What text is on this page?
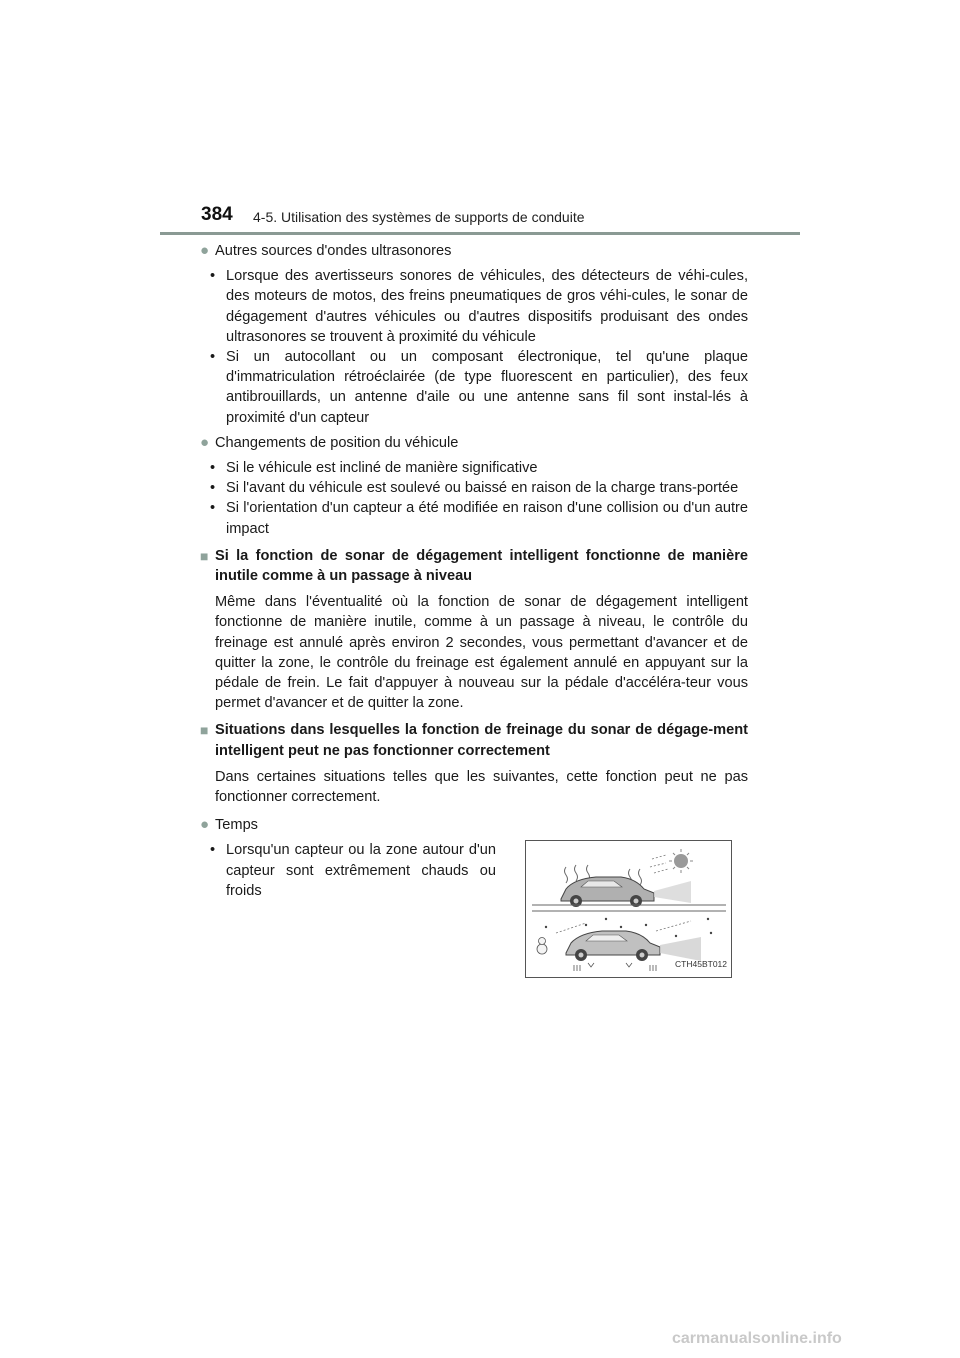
384 4-5. Utilisation des systèmes de supports de conduite
● Autres sources d'ondes ultrasonores
• Lorsque des avertisseurs sonores de véhicules, des détecteurs de véhi-cules, des moteurs de motos, des freins pneumatiques de gros véhi-cules, le sonar de dégagement d'autres véhicules ou d'autres dispositifs produisant des ondes ultrasonores se trouvent à proximité du véhicule
• Si un autocollant ou un composant électronique, tel qu'une plaque d'immatriculation rétroéclairée (de type fluorescent en particulier), des feux antibrouillards, un antenne d'aile ou une antenne sans fil sont instal-lés à proximité d'un capteur
● Changements de position du véhicule
• Si le véhicule est incliné de manière significative
• Si l'avant du véhicule est soulevé ou baissé en raison de la charge trans-portée
• Si l'orientation d'un capteur a été modifiée en raison d'une collision ou d'un autre impact
■ Si la fonction de sonar de dégagement intelligent fonctionne de manière inutile comme à un passage à niveau
Même dans l'éventualité où la fonction de sonar de dégagement intelligent fonctionne de manière inutile, comme à un passage à niveau, le contrôle du freinage est annulé après environ 2 secondes, vous permettant d'avancer et de quitter la zone, le contrôle du freinage est également annulé en appuyant sur la pédale de frein. Le fait d'appuyer à nouveau sur la pédale d'accéléra-teur vous permet d'avancer et de quitter la zone.
■ Situations dans lesquelles la fonction de freinage du sonar de dégage-ment intelligent peut ne pas fonctionner correctement
Dans certaines situations telles que les suivantes, cette fonction peut ne pas fonctionner correctement.
● Temps
• Lorsqu'un capteur ou la zone autour d'un capteur sont extrêmement chauds ou froids
CTH45BT012
carmanualsonline.info
